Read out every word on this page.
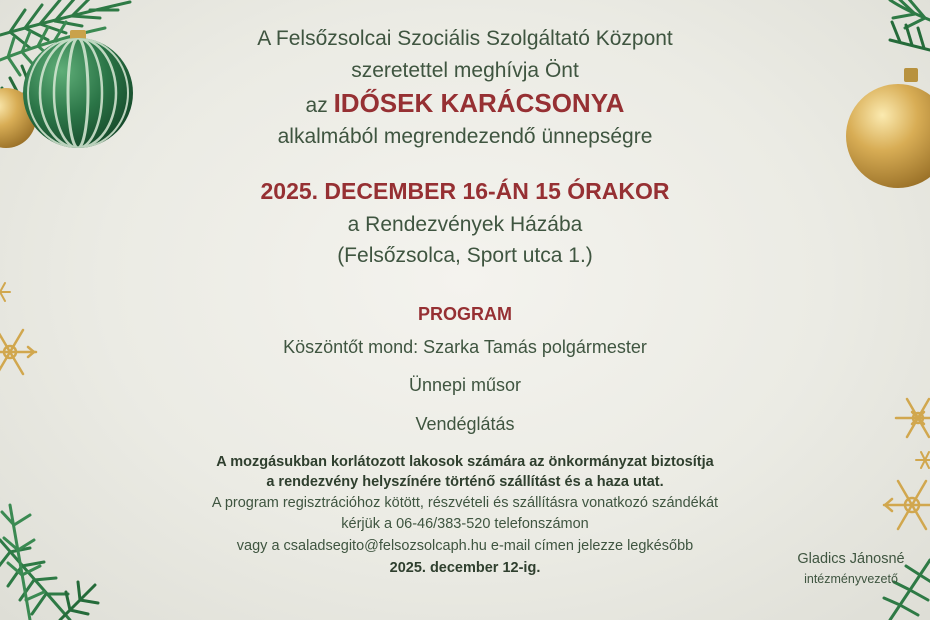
A Felsőzsolcai Szociális Szolgáltató Központ
szeretettel meghívja Önt
az IDŐSEK KARÁCSONYA
alkalmából megrendezendő ünnepségre
2025. DECEMBER 16-ÁN 15 ÓRAKOR
a Rendezvények Házába
(Felsőzsolca, Sport utca 1.)
PROGRAM
Köszöntőt mond: Szarka Tamás polgármester
Ünnepi műsor
Vendéglátás
A mozgásukban korlátozott lakosok számára az önkormányzat biztosítja
a rendezvény helyszínére történő szállítást és a haza utat.
A program regisztrációhoz kötött, részvételi és szállításra vonatkozó szándékát
kérjük a 06-46/383-520 telefonszámon
vagy a csaladsegito@felsozsolcaph.hu e-mail címen jelezze legkésőbb
2025. december 12-ig.
Gladics Jánosné
intézményvezető
